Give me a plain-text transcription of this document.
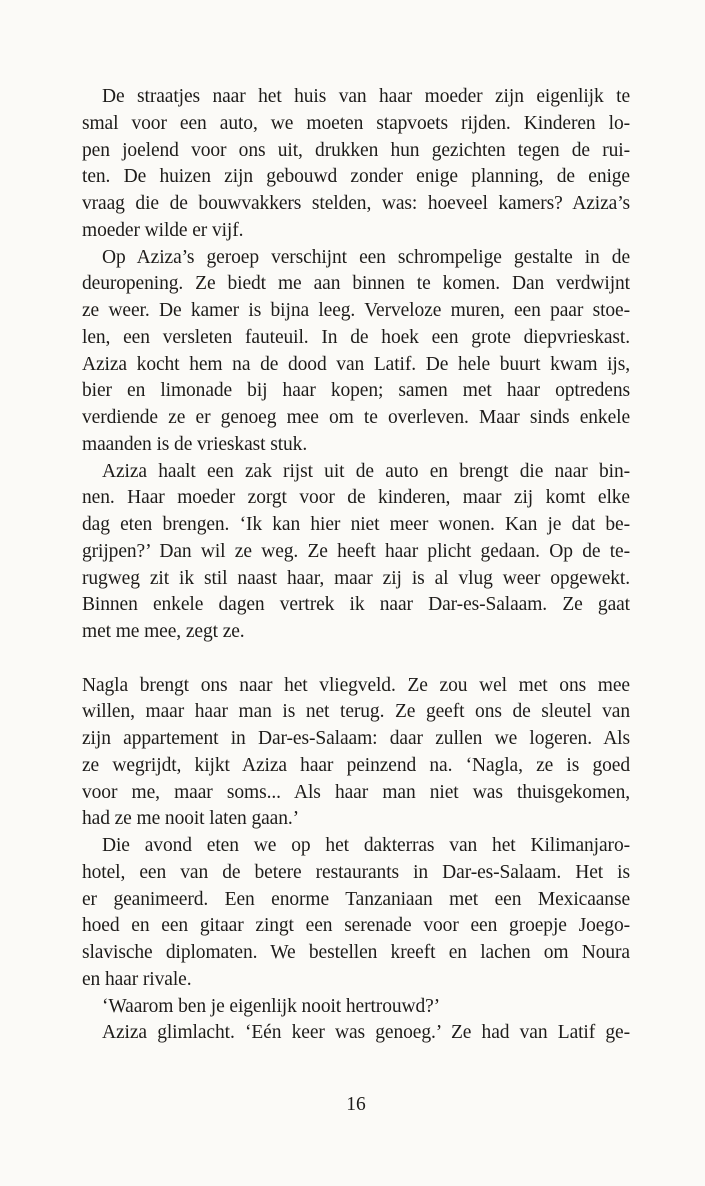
De straatjes naar het huis van haar moeder zijn eigenlijk te
smal voor een auto, we moeten stapvoets rijden. Kinderen lo-
pen joelend voor ons uit, drukken hun gezichten tegen de rui-
ten. De huizen zijn gebouwd zonder enige planning, de enige
vraag die de bouwvakkers stelden, was: hoeveel kamers? Aziza’s
moeder wilde er vijf.
Op Aziza’s geroep verschijnt een schrompelige gestalte in de
deuropening. Ze biedt me aan binnen te komen. Dan verdwijnt
ze weer. De kamer is bijna leeg. Verveloze muren, een paar stoe-
len, een versleten fauteuil. In de hoek een grote diepvrieskast.
Aziza kocht hem na de dood van Latif. De hele buurt kwam ijs,
bier en limonade bij haar kopen; samen met haar optredens
verdiende ze er genoeg mee om te overleven. Maar sinds enkele
maanden is de vrieskast stuk.
Aziza haalt een zak rijst uit de auto en brengt die naar bin-
nen. Haar moeder zorgt voor de kinderen, maar zij komt elke
dag eten brengen. ‘Ik kan hier niet meer wonen. Kan je dat be-
grijpen?’ Dan wil ze weg. Ze heeft haar plicht gedaan. Op de te-
rugweg zit ik stil naast haar, maar zij is al vlug weer opgewekt.
Binnen enkele dagen vertrek ik naar Dar-es-Salaam. Ze gaat
met me mee, zegt ze.
Nagla brengt ons naar het vliegveld. Ze zou wel met ons mee
willen, maar haar man is net terug. Ze geeft ons de sleutel van
zijn appartement in Dar-es-Salaam: daar zullen we logeren. Als
ze wegrijdt, kijkt Aziza haar peinzend na. ‘Nagla, ze is goed
voor me, maar soms... Als haar man niet was thuisgekomen,
had ze me nooit laten gaan.’
Die avond eten we op het dakterras van het Kilimanjaro-
hotel, een van de betere restaurants in Dar-es-Salaam. Het is
er geanimeerd. Een enorme Tanzaniaan met een Mexicaanse
hoed en een gitaar zingt een serenade voor een groepje Joego-
slavische diplomaten. We bestellen kreeft en lachen om Noura
en haar rivale.
‘Waarom ben je eigenlijk nooit hertrouwd?’
Aziza glimlacht. ‘Eén keer was genoeg.’ Ze had van Latif ge-
16
